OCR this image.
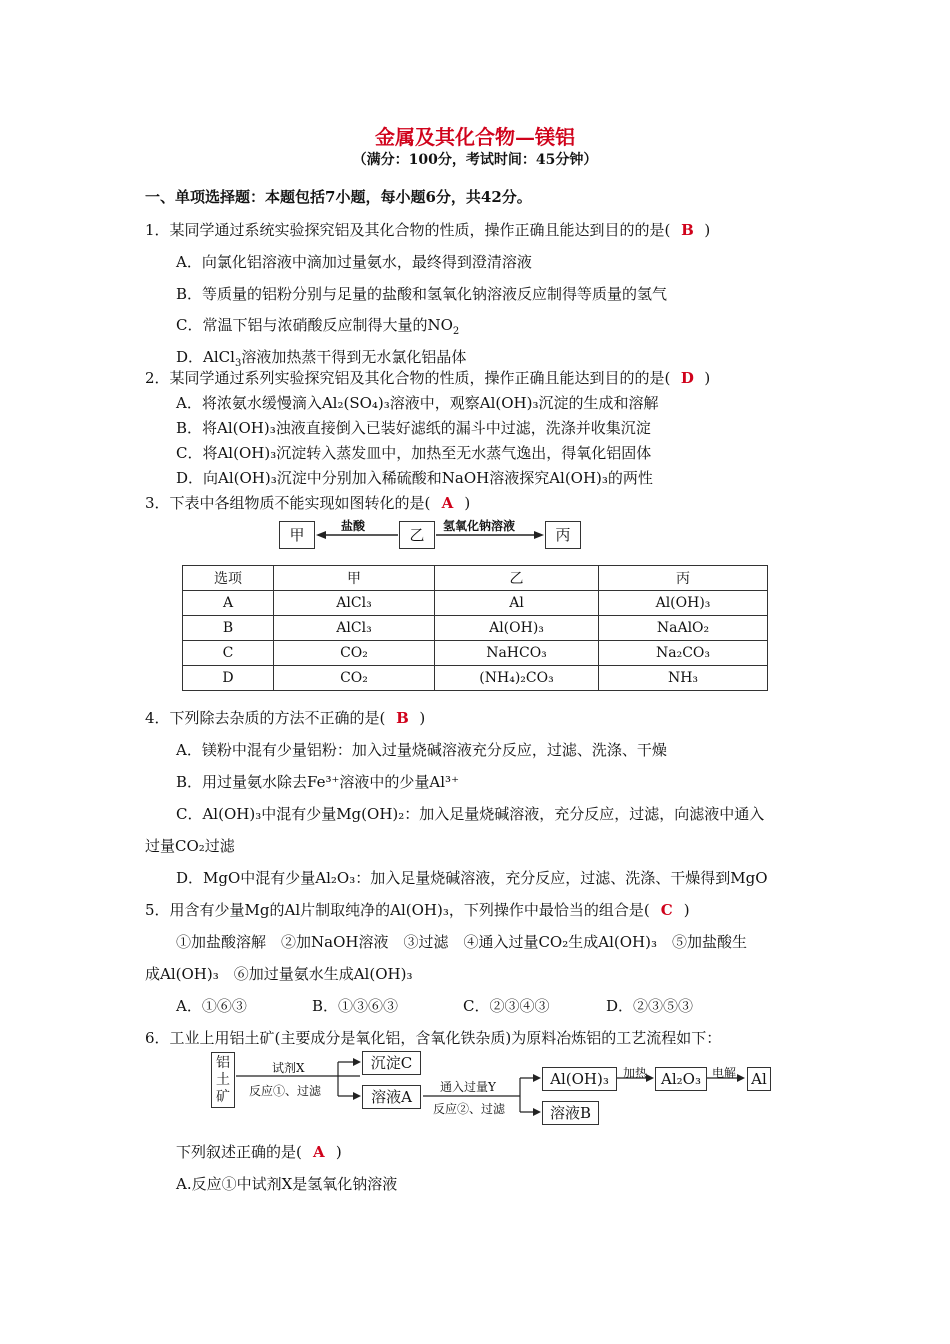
金属及其化合物—镁铝
（满分：100分，考试时间：45分钟）
一、单项选择题：本题包括7小题，每小题6分，共42分。
1．某同学通过系统实验探究铝及其化合物的性质，操作正确且能达到目的的是( B )
A．向氯化铝溶液中滴加过量氨水，最终得到澄清溶液
B．等质量的铝粉分别与足量的盐酸和氢氧化钠溶液反应制得等质量的氢气
C．常温下铝与浓硝酸反应制得大量的$NO_2$
D．AlCl$_3$溶液加热蒸干得到无水氯化铝晶体
2．某同学通过系列实验探究铝及其化合物的性质，操作正确且能达到目的的是( D )
A．将浓氨水缓慢滴入Al₂(SO₄)₃溶液中，观察Al(OH)₃沉淀的生成和溶解
B．将Al(OH)₃浊液直接倒入已装好滤纸的漏斗中过滤，洗涤并收集沉淀
C．将Al(OH)₃沉淀转入蒸发皿中，加热至无水蒸气逸出，得氧化铝固体
D．向Al(OH)₃沉淀中分别加入稀硫酸和NaOH溶液探究Al(OH)₃的两性
3．下表中各组物质不能实现如图转化的是( A )
甲	乙	丙
盐酸	氢氧化钠溶液
选项	甲	乙	丙
A	AlCl₃	Al	Al(OH)₃
B	AlCl₃	Al(OH)₃	NaAlO₂
C	CO₂	NaHCO₃	Na₂CO₃
D	CO₂	(NH₄)₂CO₃	NH₃
4．下列除去杂质的方法不正确的是( B )
A．镁粉中混有少量铝粉：加入过量烧碱溶液充分反应，过滤、洗涤、干燥
B．用过量氨水除去Fe³⁺溶液中的少量Al³⁺
C．Al(OH)₃中混有少量Mg(OH)₂：加入足量烧碱溶液，充分反应，过滤，向滤液中通入
过量CO₂过滤
D．MgO中混有少量Al₂O₃：加入足量烧碱溶液，充分反应，过滤、洗涤、干燥得到MgO
5．用含有少量Mg的Al片制取纯净的Al(OH)₃，下列操作中最恰当的组合是( C )
①加盐酸溶解　②加NaOH溶液　③过滤　④通入过量CO₂生成Al(OH)₃　⑤加盐酸生
成Al(OH)₃　⑥加过量氨水生成Al(OH)₃
A．①⑥③	B．①③⑥③	C．②③④③	D．②③⑤③
6．工业上用铝土矿(主要成分是氧化铝，含氧化铁杂质)为原料冶炼铝的工艺流程如下：
铝土矿
试剂X
反应①、过滤
沉淀C
溶液A
通入过量Y
反应②、过滤
Al(OH)₃
溶液B
加热 Al₂O₃ 电解 Al
下列叙述正确的是( A )
A.反应①中试剂X是氢氧化钠溶液
